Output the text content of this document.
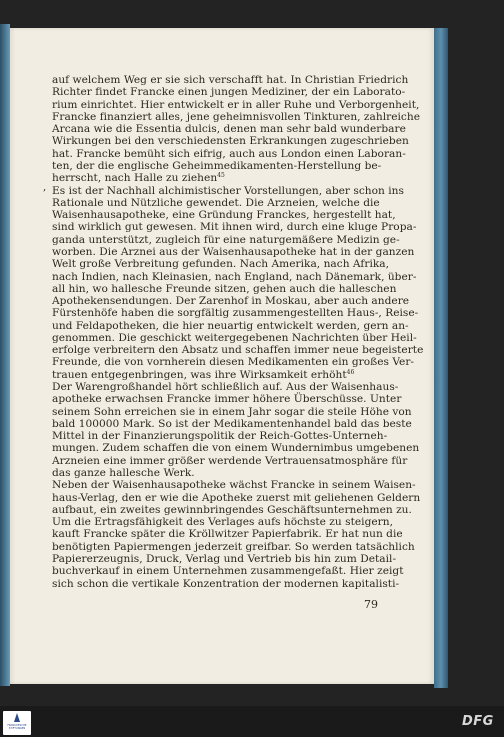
,
auf welchem Weg er sie sich verschafft hat. In Christian Friedrich
Richter findet Francke einen jungen Mediziner, der ein Laborato-
rium einrichtet. Hier entwickelt er in aller Ruhe und Verborgenheit,
Francke finanziert alles, jene geheimnisvollen Tinkturen, zahlreiche
Arcana wie die Essentia dulcis, denen man sehr bald wunderbare
Wirkungen bei den verschiedensten Erkrankungen zugeschrieben
hat. Francke bemüht sich eifrig, auch aus London einen Laboran-
ten, der die englische Geheimmedikamenten-Herstellung be-
herrscht, nach Halle zu ziehen$^{45}$
Es ist der Nachhall alchimistischer Vorstellungen, aber schon ins
Rationale und Nützliche gewendet. Die Arzneien, welche die
Waisenhausapotheke, eine Gründung Franckes, hergestellt hat,
sind wirklich gut gewesen. Mit ihnen wird, durch eine kluge Propa-
ganda unterstützt, zugleich für eine naturgemäßere Medizin ge-
worben. Die Arznei aus der Waisenhausapotheke hat in der ganzen
Welt große Verbreitung gefunden. Nach Amerika, nach Afrika,
nach Indien, nach Kleinasien, nach England, nach Dänemark, über-
all hin, wo hallesche Freunde sitzen, gehen auch die halleschen
Apothekensendungen. Der Zarenhof in Moskau, aber auch andere
Fürstenhöfe haben die sorgfältig zusammengestellten Haus-, Reise-
und Feldapotheken, die hier neuartig entwickelt werden, gern an-
genommen. Die geschickt weitergegebenen Nachrichten über Heil-
erfolge verbreitern den Absatz und schaffen immer neue begeisterte
Freunde, die von vornherein diesen Medikamenten ein großes Ver-
trauen entgegenbringen, was ihre Wirksamkeit erhöht$^{46}$
Der Warengroßhandel hört schließlich auf. Aus der Waisenhaus-
apotheke erwachsen Francke immer höhere Überschüsse. Unter
seinem Sohn erreichen sie in einem Jahr sogar die steile Höhe von
bald 100000 Mark. So ist der Medikamentenhandel bald das beste
Mittel in der Finanzierungspolitik der Reich-Gottes-Unterneh-
mungen. Zudem schaffen die von einem Wundernimbus umgebenen
Arzneien eine immer größer werdende Vertrauensatmosphäre für
das ganze hallesche Werk.
Neben der Waisenhausapotheke wächst Francke in seinem Waisen-
haus-Verlag, den er wie die Apotheke zuerst mit geliehenen Geldern
aufbaut, ein zweites gewinnbringendes Geschäftsunternehmen zu.
Um die Ertragsfähigkeit des Verlages aufs höchste zu steigern,
kauft Francke später die Kröllwitzer Papierfabrik. Er hat nun die
benötigten Papiermengen jederzeit greifbar. So werden tatsächlich
Papiererzeugnis, Druck, Verlag und Vertrieb bis hin zum Detail-
buchverkauf in einem Unternehmen zusammengefaßt. Hier zeigt
sich schon die vertikale Konzentration der modernen kapitalisti-
79
FRANCKESCHE
STIFTUNGEN	DFG
